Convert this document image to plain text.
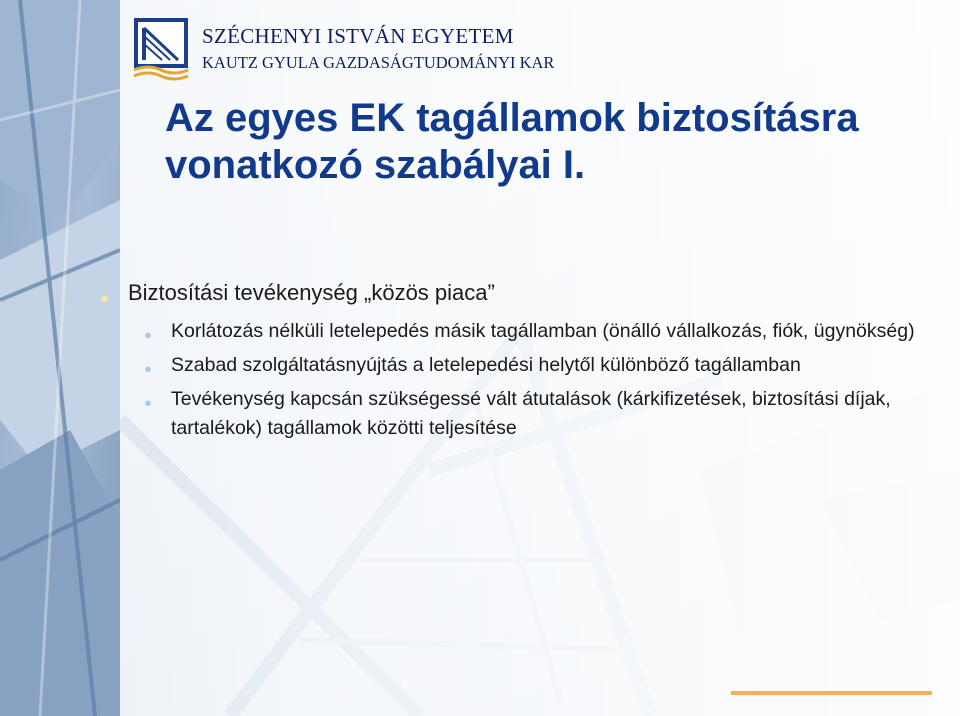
SZÉCHENYI ISTVÁN EGYETEM

KAUTZ GYULA GAZDASÁGTUDOMÁNYI KAR

Az egyes EK tagállamok biztosításra vonatkozó szabályai I.
● Biztosítási tevékenység „közös piaca”
● Korlátozás nélküli letelepedés másik tagállamban (önálló vállalkozás, fiók, ügynökség)
● Szabad szolgáltatásnyújtás a letelepedési helytől különböző tagállamban
● Tevékenység kapcsán szükségessé vált átutalások (kárkifizetések, biztosítási díjak, tartalékok) tagállamok közötti teljesítése
